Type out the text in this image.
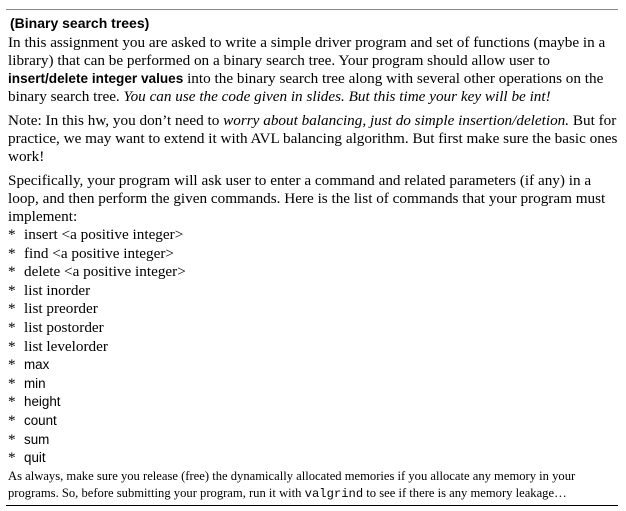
(Binary search trees)

In this assignment you are asked to write a simple driver program and set of functions (maybe in a library) that can be performed on a binary search tree. Your program should allow user to insert/delete integer values into the binary search tree along with several other operations on the binary search tree. You can use the code given in slides. But this time your key will be int!

Note: In this hw, you don’t need to worry about balancing, just do simple insertion/deletion. But for practice, we may want to extend it with AVL balancing algorithm. But first make sure the basic ones work!

Specifically, your program will ask user to enter a command and related parameters (if any) in a loop, and then perform the given commands. Here is the list of commands that your program must implement:

* insert <a positive integer>
* find <a positive integer>
* delete <a positive integer>
* list inorder
* list preorder
* list postorder
* list levelorder
* max
* min
* height
* count
* sum
* quit

As always, make sure you release (free) the dynamically allocated memories if you allocate any memory in your programs. So, before submitting your program, run it with valgrind to see if there is any memory leakage…
